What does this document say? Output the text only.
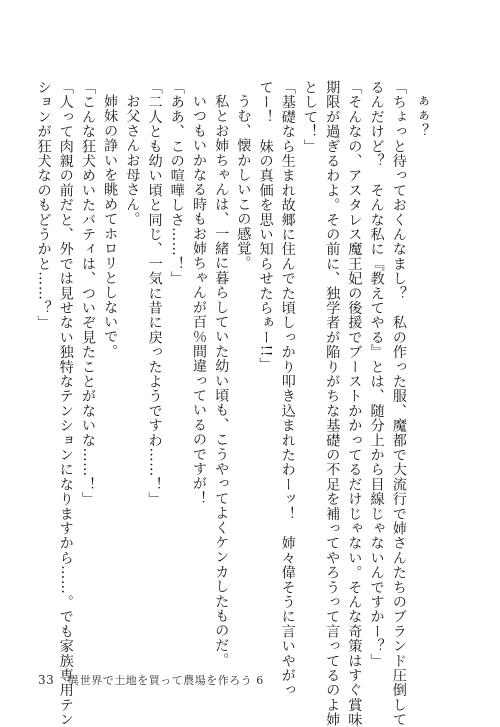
ぁぁ？
「ちょっと待っておくんなまし？　私の作った服、魔都で大流行で姉さんたちのブランド圧倒して
るんだけど？　そんな私に『教えてやる』とは、随分上から目線じゃないんですかー？」
「そんなの、アスタレス魔王妃の後援でブーストかかってるだけじゃない。そんな奇策はすぐ賞味
期限が過ぎるわよ。その前に、独学者が陥りがちな基礎の不足を補ってやろうって言ってるのよ姉
として！」
「基礎なら生まれ故郷に住んでた頃しっかり叩き込まれたわーッ！　姉々偉そうに言いやがっ
てー！　妹の真価を思い知らせたらぁー!!」
うむ、懐かしいこの感覚。
私とお姉ちゃんは、一緒に暮らしていた幼い頃も、こうやってよくケンカしたものだ。
いつもいかなる時もお姉ちゃんが百％間違っているのですが！
「ああ、この喧嘩しさ……！」
「二人とも幼い頃と同じ、一気に昔に戻ったようですわ……！」
お父さんお母さん。
姉妹の諍いを眺めてホロリとしないで。
「こんな狂犬めいたバティは、ついぞ見たことがないな……！」
「人って肉親の前だと、外では見せない独特なテンションになりますから……。でも家族専用テン
ションが狂犬なのもどうかと……？」
33 異世界で土地を買って農場を作ろう 6
